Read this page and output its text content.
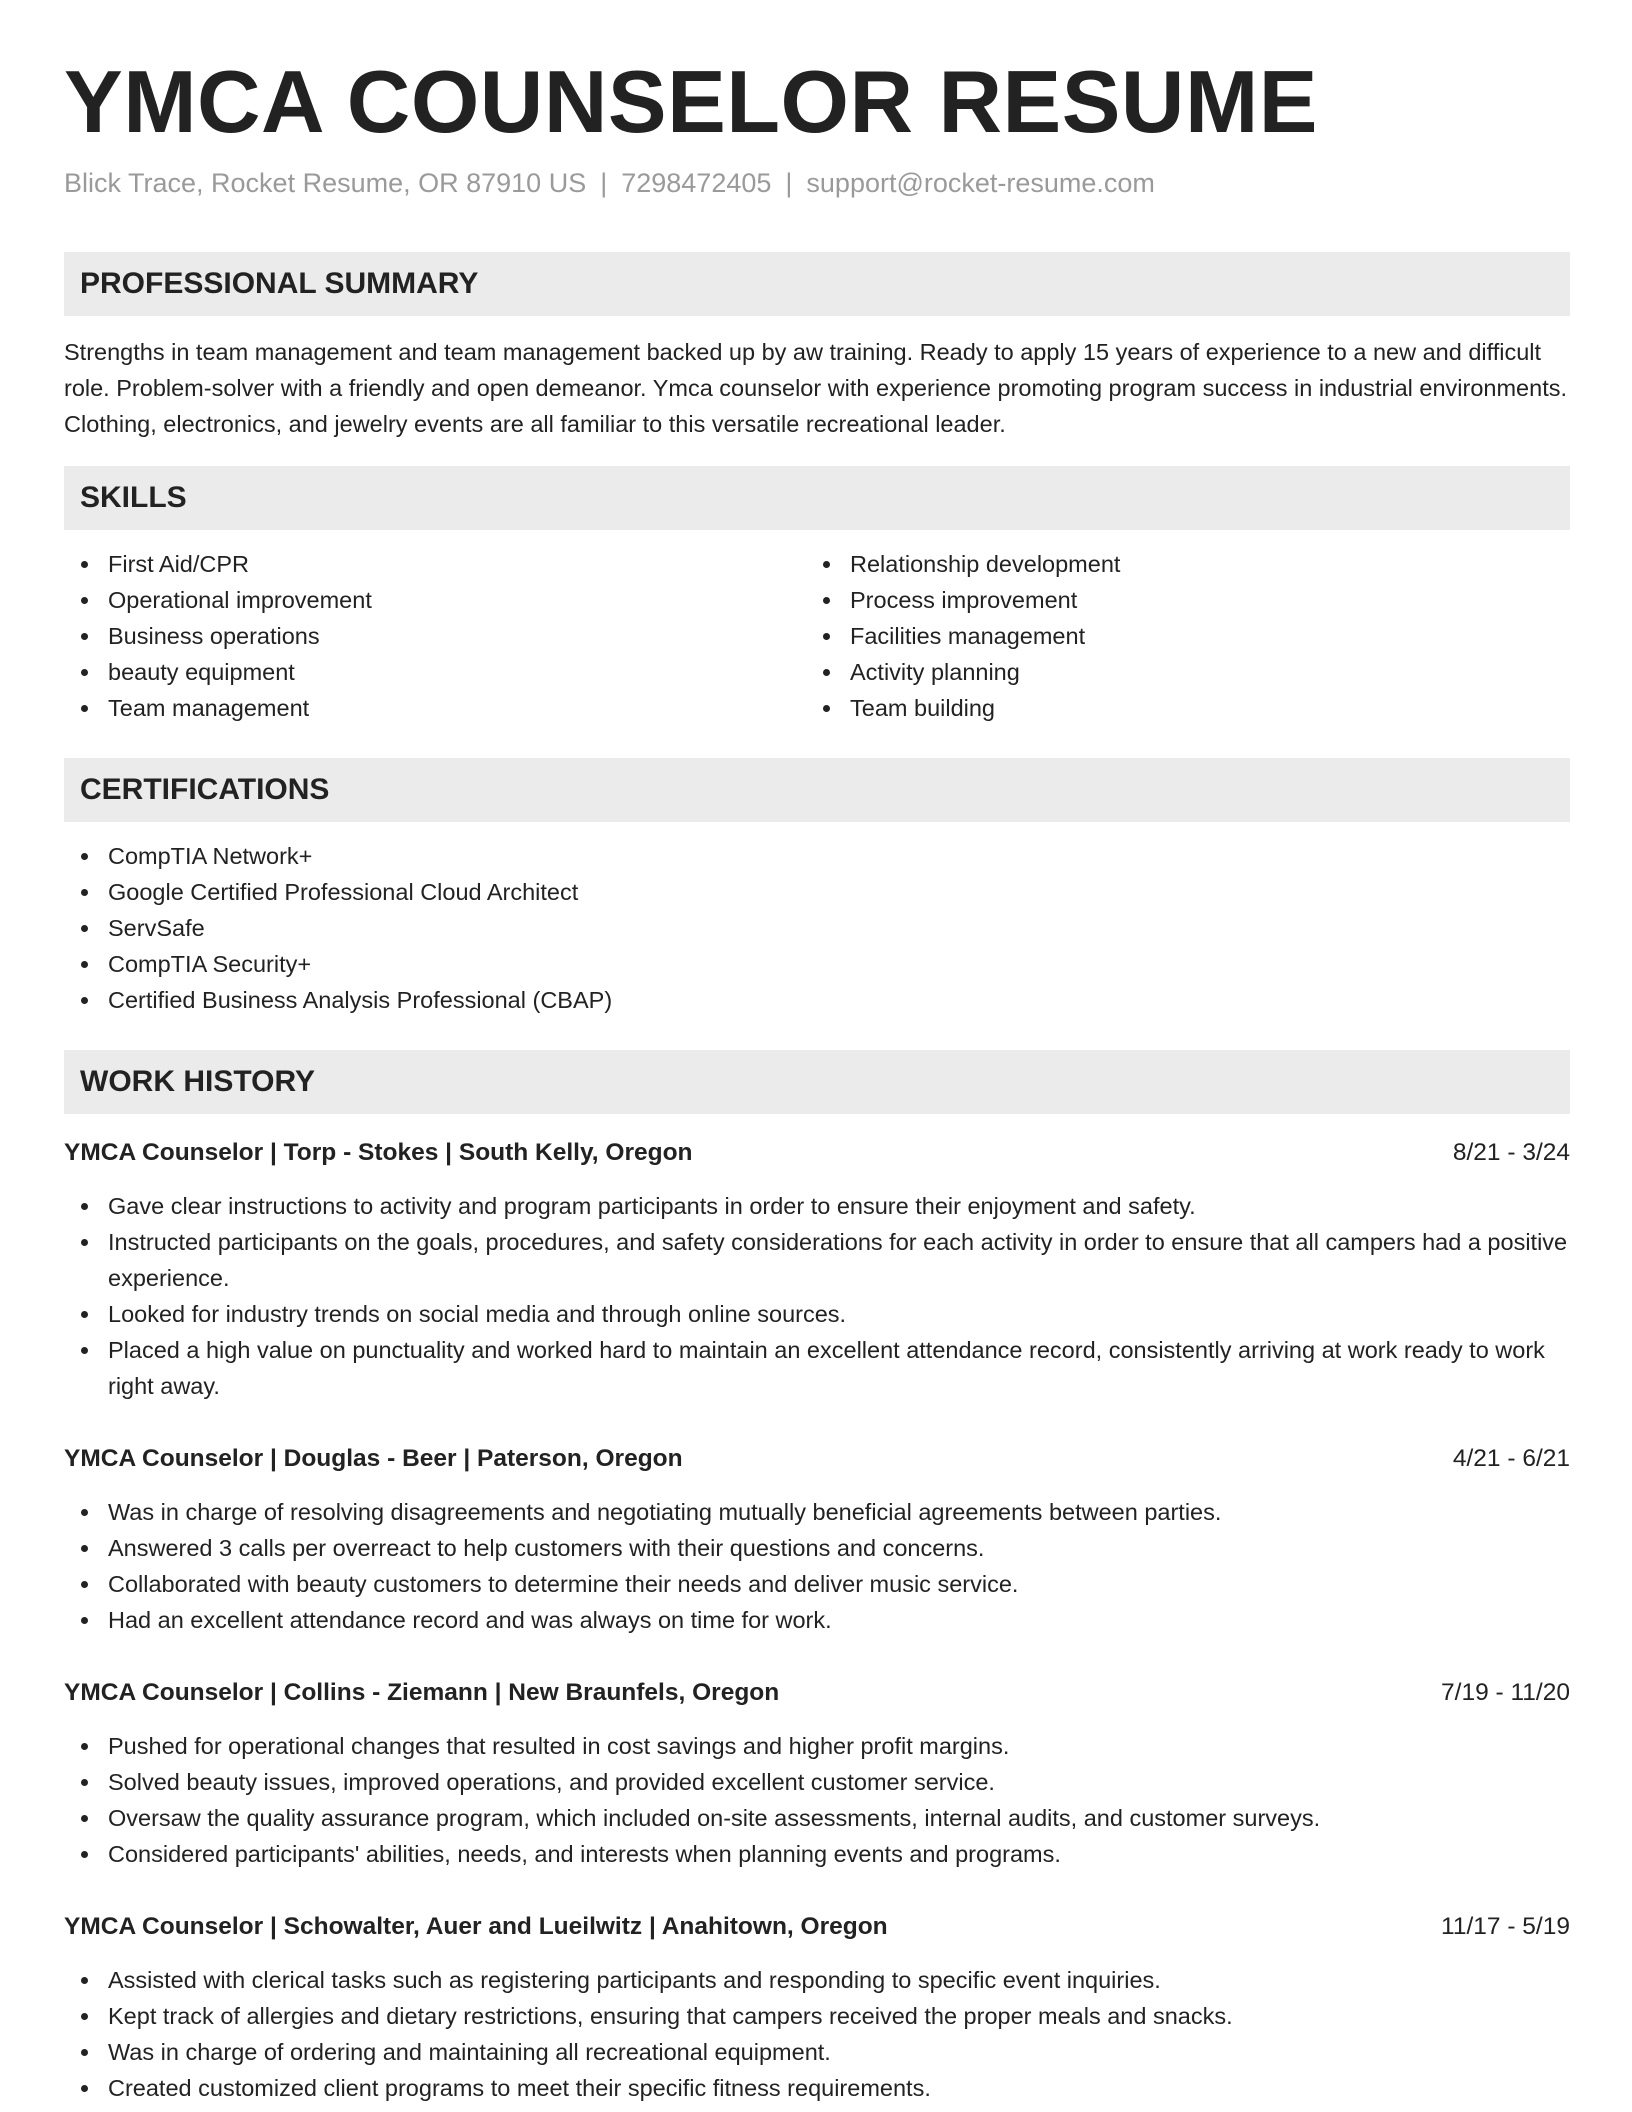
YMCA COUNSELOR RESUME
Blick Trace, Rocket Resume, OR 87910 US | 7298472405 | support@rocket-resume.com
PROFESSIONAL SUMMARY

Strengths in team management and team management backed up by aw training. Ready to apply 15 years of experience to a new and difficult role. Problem-solver with a friendly and open demeanor. Ymca counselor with experience promoting program success in industrial environments. Clothing, electronics, and jewelry events are all familiar to this versatile recreational leader.

SKILLS
First Aid/CPR
Operational improvement
Business operations
beauty equipment
Team management
Relationship development
Process improvement
Facilities management
Activity planning
Team building
CERTIFICATIONS
CompTIA Network+
Google Certified Professional Cloud Architect
ServSafe
CompTIA Security+
Certified Business Analysis Professional (CBAP)
WORK HISTORY
YMCA Counselor | Torp - Stokes | South Kelly, Oregon	8/21 - 3/24
Gave clear instructions to activity and program participants in order to ensure their enjoyment and safety.
Instructed participants on the goals, procedures, and safety considerations for each activity in order to ensure that all campers had a positive experience.
Looked for industry trends on social media and through online sources.
Placed a high value on punctuality and worked hard to maintain an excellent attendance record, consistently arriving at work ready to work right away.
YMCA Counselor | Douglas - Beer | Paterson, Oregon	4/21 - 6/21
Was in charge of resolving disagreements and negotiating mutually beneficial agreements between parties.
Answered 3 calls per overreact to help customers with their questions and concerns.
Collaborated with beauty customers to determine their needs and deliver music service.
Had an excellent attendance record and was always on time for work.
YMCA Counselor | Collins - Ziemann | New Braunfels, Oregon	7/19 - 11/20
Pushed for operational changes that resulted in cost savings and higher profit margins.
Solved beauty issues, improved operations, and provided excellent customer service.
Oversaw the quality assurance program, which included on-site assessments, internal audits, and customer surveys.
Considered participants' abilities, needs, and interests when planning events and programs.
YMCA Counselor | Schowalter, Auer and Lueilwitz | Anahitown, Oregon	11/17 - 5/19
Assisted with clerical tasks such as registering participants and responding to specific event inquiries.
Kept track of allergies and dietary restrictions, ensuring that campers received the proper meals and snacks.
Was in charge of ordering and maintaining all recreational equipment.
Created customized client programs to meet their specific fitness requirements.
